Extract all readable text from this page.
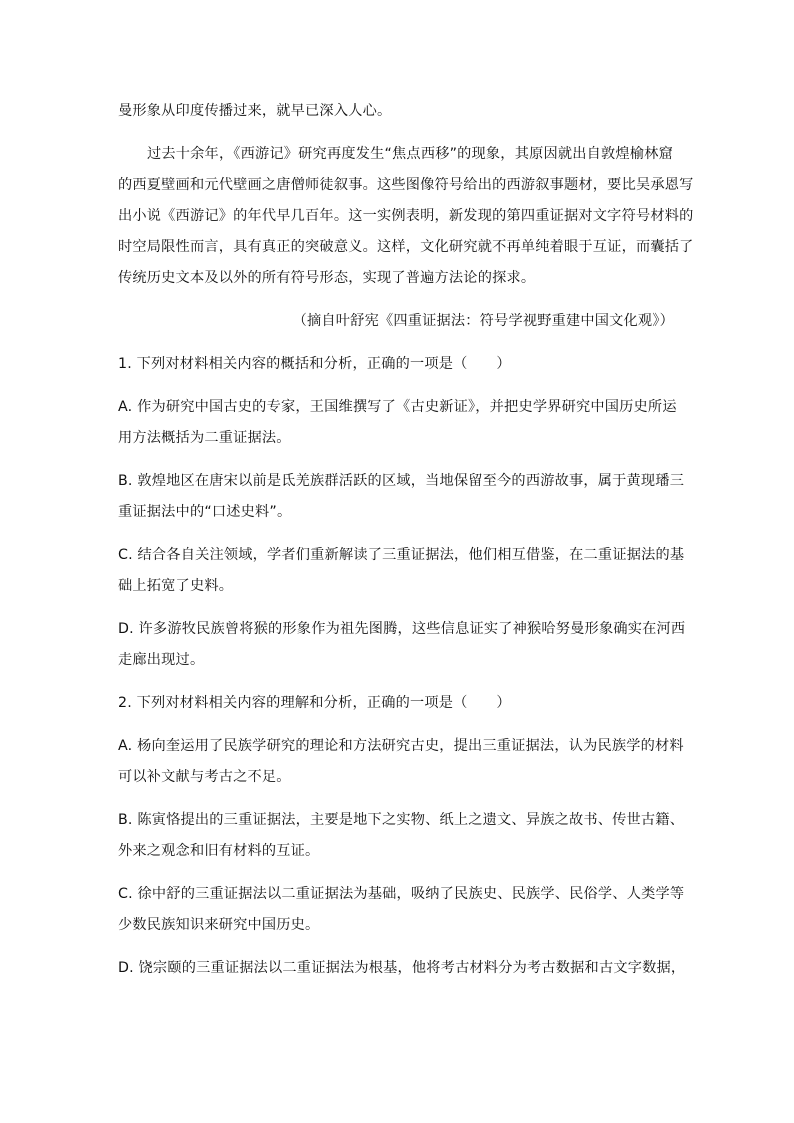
曼形象从印度传播过来，就早已深入人心。
过去十余年，《西游记》研究再度发生“焦点西移”的现象，其原因就出自敦煌榆林窟
的西夏壁画和元代壁画之唐僧师徒叙事。这些图像符号给出的西游叙事题材，要比吴承恩写
出小说《西游记》的年代早几百年。这一实例表明，新发现的第四重证据对文字符号材料的
时空局限性而言，具有真正的突破意义。这样，文化研究就不再单纯着眼于互证，而囊括了
传统历史文本及以外的所有符号形态，实现了普遍方法论的探求。
（摘自叶舒宪《四重证据法：符号学视野重建中国文化观》）
1. 下列对材料相关内容的概括和分析，正确的一项是（　　）
A. 作为研究中国古史的专家，王国维撰写了《古史新证》，并把史学界研究中国历史所运
用方法概括为二重证据法。
B. 敦煌地区在唐宋以前是氐羌族群活跃的区域，当地保留至今的西游故事，属于黄现璠三
重证据法中的“口述史料”。
C. 结合各自关注领域，学者们重新解读了三重证据法，他们相互借鉴，在二重证据法的基
础上拓宽了史料。
D. 许多游牧民族曾将猴的形象作为祖先图腾，这些信息证实了神猴哈努曼形象确实在河西
走廊出现过。
2. 下列对材料相关内容的理解和分析，正确的一项是（　　）
A. 杨向奎运用了民族学研究的理论和方法研究古史，提出三重证据法，认为民族学的材料
可以补文献与考古之不足。
B. 陈寅恪提出的三重证据法，主要是地下之实物、纸上之遗文、异族之故书、传世古籍、
外来之观念和旧有材料的互证。
C. 徐中舒的三重证据法以二重证据法为基础，吸纳了民族史、民族学、民俗学、人类学等
少数民族知识来研究中国历史。
D. 饶宗颐的三重证据法以二重证据法为根基，他将考古材料分为考古数据和古文字数据，
